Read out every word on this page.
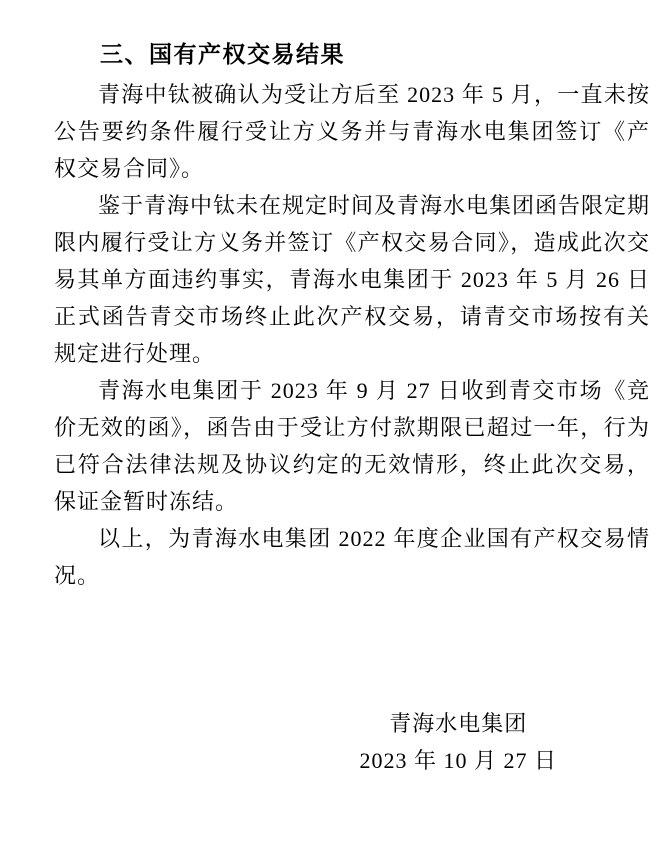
三、国有产权交易结果

青海中钛被确认为受让方后至 2023 年 5 月，一直未按公告要约条件履行受让方义务并与青海水电集团签订《产权交易合同》。

鉴于青海中钛未在规定时间及青海水电集团函告限定期限内履行受让方义务并签订《产权交易合同》，造成此次交易其单方面违约事实，青海水电集团于 2023 年 5 月 26 日正式函告青交市场终止此次产权交易，请青交市场按有关规定进行处理。

青海水电集团于 2023 年 9 月 27 日收到青交市场《竞价无效的函》，函告由于受让方付款期限已超过一年，行为已符合法律法规及协议约定的无效情形，终止此次交易，保证金暂时冻结。

以上，为青海水电集团 2022 年度企业国有产权交易情况。

青海水电集团
2023 年 10 月 27 日
